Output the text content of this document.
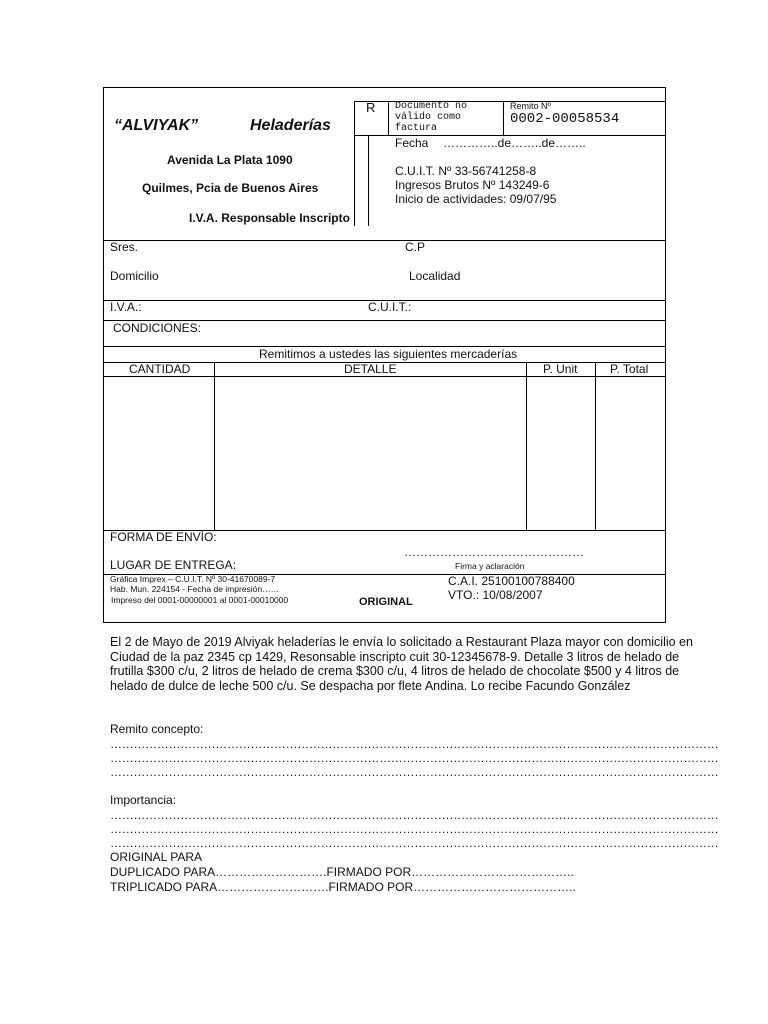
R Documento no
válido como
factura
Remito Nº
0002-00058534
“ALVIYAK”	Heladerías
Avenida La Plata 1090
Quilmes, Pcia de Buenos Aires
I.V.A. Responsable Inscripto
Fecha …………..de……..de……..
C.U.I.T. Nº 33-56741258-8
Ingresos Brutos Nº 143249-6
Inicio de actividades: 09/07/95
Sres.	C.P
Domicilio	Localidad
I.V.A.:	C.U.I.T.:
CONDICIONES:
Remitimos a ustedes las siguientes mercaderías
CANTIDAD	DETALLE	P. Unit	P. Total
FORMA DE ENVÍO:
………………………………………
LUGAR DE ENTREGA:	Firma y aclaración
Gráfica Imprex – C.U.I.T. Nº 30-41670089-7
Hab. Mun. 224154 - Fecha de impresión……
Impreso del 0001-00000001 al 0001-00010000	ORIGINAL
C.A.I. 25100100788400
VTO.: 10/08/2007
El 2 de Mayo de 2019 Alviyak heladerías le envía lo solicitado a Restaurant Plaza mayor con domicilio en
Ciudad de la paz 2345 cp 1429, Resonsable inscripto cuit 30-12345678-9. Detalle 3 litros de helado de
frutilla $300 c/u, 2 litros de helado de crema $300 c/u, 4 litros de helado de chocolate $500 y 4 litros de
helado de dulce de leche 500 c/u. Se despacha por flete Andina. Lo recibe Facundo González
Remito concepto:
…………………………………………………………………………………………………………………………………………
…………………………………………………………………………………………………………………………………………
…………………………………………………………………………………………………………………………………………
Importancia:
…………………………………………………………………………………………………………………………………………
…………………………………………………………………………………………………………………………………………
…………………………………………………………………………………………………………………………………………
ORIGINAL PARA
DUPLICADO PARA……………………….FIRMADO POR…………………………………..
TRIPLICADO PARA……………………….FIRMADO POR…………………………………..
